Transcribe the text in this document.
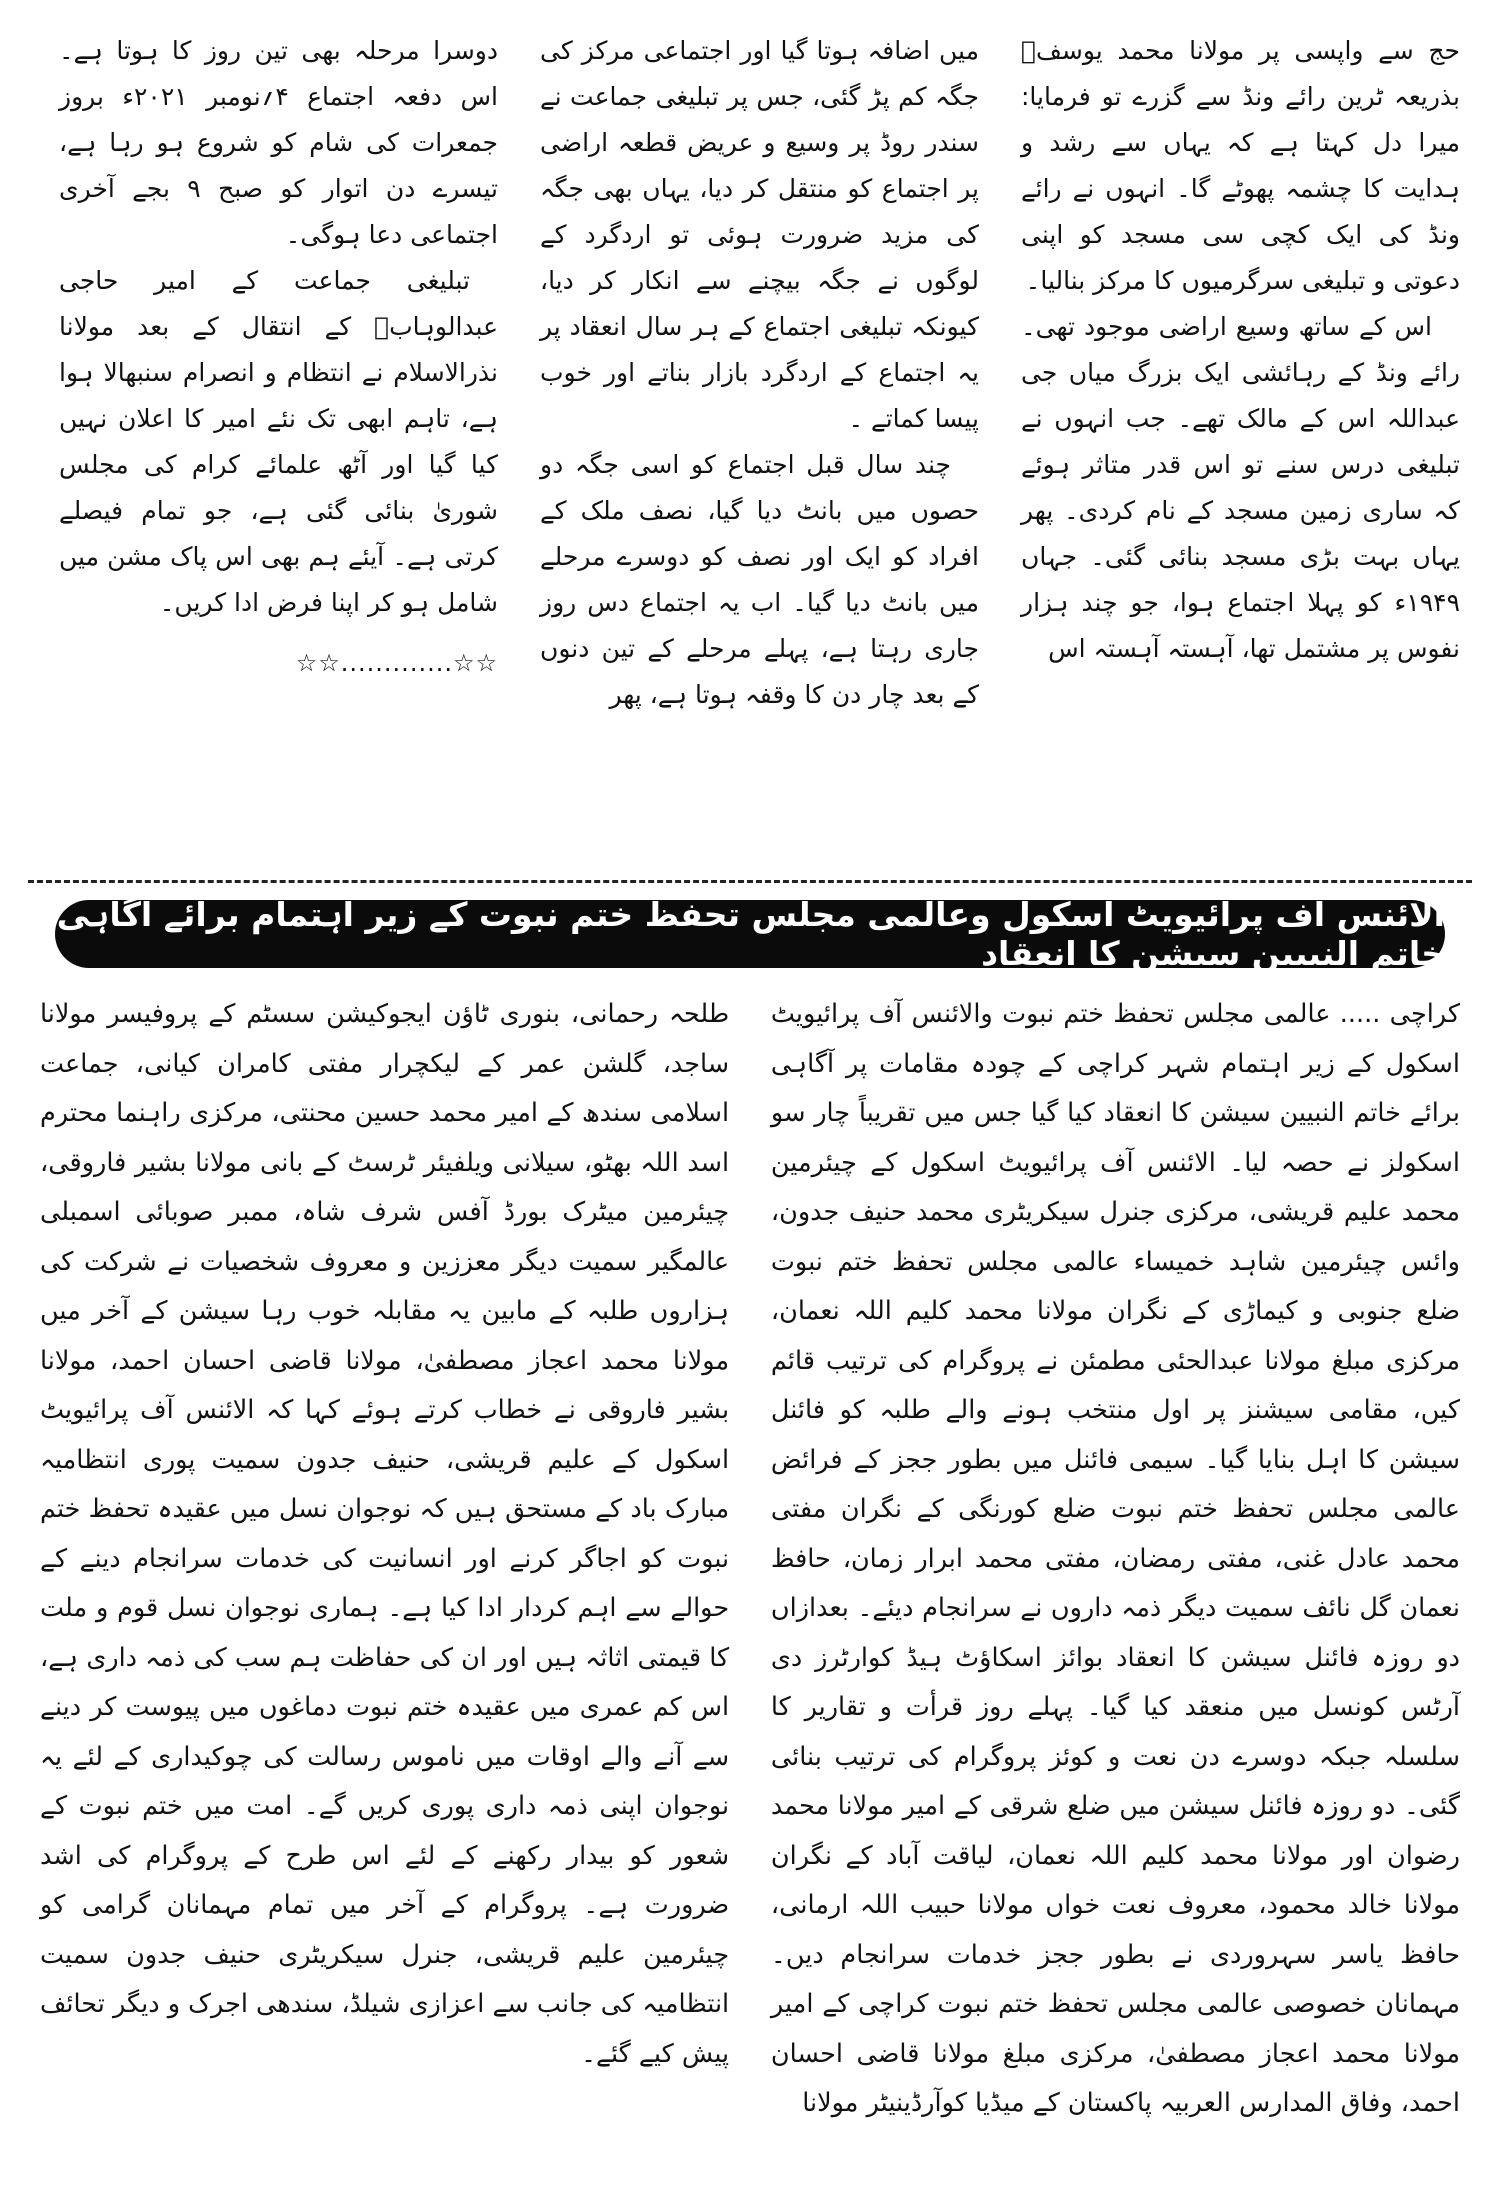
حج سے واپسی پر مولانا محمد یوسفؒ بذریعہ ٹرین رائے ونڈ سے گزرے تو فرمایا: میرا دل کہتا ہے کہ یہاں سے رشد و ہدایت کا چشمہ پھوٹے گا۔ انہوں نے رائے ونڈ کی ایک کچی سی مسجد کو اپنی دعوتی و تبلیغی سرگرمیوں کا مرکز بنالیا۔

اس کے ساتھ وسیع اراضی موجود تھی۔ رائے ونڈ کے رہائشی ایک بزرگ میاں جی عبداللہ اس کے مالک تھے۔ جب انہوں نے تبلیغی درس سنے تو اس قدر متاثر ہوئے کہ ساری زمین مسجد کے نام کردی۔ پھر یہاں بہت بڑی مسجد بنائی گئی۔ جہاں ۱۹۴۹ء کو پہلا اجتماع ہوا، جو چند ہزار نفوس پر مشتمل تھا، آہستہ آہستہ اس

میں اضافہ ہوتا گیا اور اجتماعی مرکز کی جگہ کم پڑ گئی، جس پر تبلیغی جماعت نے سندر روڈ پر وسیع و عریض قطعہ اراضی پر اجتماع کو منتقل کر دیا، یہاں بھی جگہ کی مزید ضرورت ہوئی تو اردگرد کے لوگوں نے جگہ بیچنے سے انکار کر دیا، کیونکہ تبلیغی اجتماع کے ہر سال انعقاد پر یہ اجتماع کے اردگرد بازار بناتے اور خوب پیسا کماتے ۔

چند سال قبل اجتماع کو اسی جگہ دو حصوں میں بانٹ دیا گیا، نصف ملک کے افراد کو ایک اور نصف کو دوسرے مرحلے میں بانٹ دیا گیا۔ اب یہ اجتماع دس روز جاری رہتا ہے، پہلے مرحلے کے تین دنوں کے بعد چار دن کا وقفہ ہوتا ہے، پھر

دوسرا مرحلہ بھی تین روز کا ہوتا ہے۔ اس دفعہ اجتماع ۴؍نومبر ۲۰۲۱ء بروز جمعرات کی شام کو شروع ہو رہا ہے، تیسرے دن اتوار کو صبح ۹ بجے آخری اجتماعی دعا ہوگی۔

تبلیغی جماعت کے امیر حاجی عبدالوہابؒ کے انتقال کے بعد مولانا نذرالاسلام نے انتظام و انصرام سنبھالا ہوا ہے، تاہم ابھی تک نئے امیر کا اعلان نہیں کیا گیا اور آٹھ علمائے کرام کی مجلس شوریٰ بنائی گئی ہے، جو تمام فیصلے کرتی ہے۔ آیئے ہم بھی اس پاک مشن میں شامل ہو کر اپنا فرض ادا کریں۔

☆☆.............☆☆
الائنس آف پرائیویٹ اسکول وعالمی مجلس تحفظ ختم نبوت کے زیر اہتمام برائے آگاہی خاتم النبیین سیشن کا انعقاد

کراچی ..... عالمی مجلس تحفظ ختم نبوت والائنس آف پرائیویٹ اسکول کے زیر اہتمام شہر کراچی کے چودہ مقامات پر آگاہی برائے خاتم النبیین سیشن کا انعقاد کیا گیا جس میں تقریباً چار سو اسکولز نے حصہ لیا۔ الائنس آف پرائیویٹ اسکول کے چیئرمین محمد علیم قریشی، مرکزی جنرل سیکریٹری محمد حنیف جدون، وائس چیئرمین شاہد خمیساء عالمی مجلس تحفظ ختم نبوت ضلع جنوبی و کیماڑی کے نگران مولانا محمد کلیم اللہ نعمان، مرکزی مبلغ مولانا عبدالحئی مطمئن نے پروگرام کی ترتیب قائم کیں، مقامی سیشنز پر اول منتخب ہونے والے طلبہ کو فائنل سیشن کا اہل بنایا گیا۔ سیمی فائنل میں بطور ججز کے فرائض عالمی مجلس تحفظ ختم نبوت ضلع کورنگی کے نگران مفتی محمد عادل غنی، مفتی رمضان، مفتی محمد ابرار زمان، حافظ نعمان گل نائف سمیت دیگر ذمہ داروں نے سرانجام دیئے۔ بعدازاں دو روزہ فائنل سیشن کا انعقاد بوائز اسکاؤٹ ہیڈ کوارٹرز دی آرٹس کونسل میں منعقد کیا گیا۔ پہلے روز قرأت و تقاریر کا سلسلہ جبکہ دوسرے دن نعت و کوئز پروگرام کی ترتیب بنائی گئی۔ دو روزہ فائنل سیشن میں ضلع شرقی کے امیر مولانا محمد رضوان اور مولانا محمد کلیم اللہ نعمان، لیاقت آباد کے نگران مولانا خالد محمود، معروف نعت خواں مولانا حبیب اللہ ارمانی، حافظ یاسر سہروردی نے بطور ججز خدمات سرانجام دیں۔ مہمانان خصوصی عالمی مجلس تحفظ ختم نبوت کراچی کے امیر مولانا محمد اعجاز مصطفیٰ، مرکزی مبلغ مولانا قاضی احسان احمد، وفاق المدارس العربیہ پاکستان کے میڈیا کوآرڈینیٹر مولانا

طلحہ رحمانی، بنوری ٹاؤن ایجوکیشن سسٹم کے پروفیسر مولانا ساجد، گلشن عمر کے لیکچرار مفتی کامران کیانی، جماعت اسلامی سندھ کے امیر محمد حسین محنتی، مرکزی راہنما محترم اسد اللہ بھٹو، سیلانی ویلفیئر ٹرسٹ کے بانی مولانا بشیر فاروقی، چیئرمین میٹرک بورڈ آفس شرف شاہ، ممبر صوبائی اسمبلی عالمگیر سمیت دیگر معززین و معروف شخصیات نے شرکت کی ہزاروں طلبہ کے مابین یہ مقابلہ خوب رہا سیشن کے آخر میں مولانا محمد اعجاز مصطفیٰ، مولانا قاضی احسان احمد، مولانا بشیر فاروقی نے خطاب کرتے ہوئے کہا کہ الائنس آف پرائیویٹ اسکول کے علیم قریشی، حنیف جدون سمیت پوری انتظامیہ مبارک باد کے مستحق ہیں کہ نوجوان نسل میں عقیدہ تحفظ ختم نبوت کو اجاگر کرنے اور انسانیت کی خدمات سرانجام دینے کے حوالے سے اہم کردار ادا کیا ہے۔ ہماری نوجوان نسل قوم و ملت کا قیمتی اثاثہ ہیں اور ان کی حفاظت ہم سب کی ذمہ داری ہے، اس کم عمری میں عقیدہ ختم نبوت دماغوں میں پیوست کر دینے سے آنے والے اوقات میں ناموس رسالت کی چوکیداری کے لئے یہ نوجوان اپنی ذمہ داری پوری کریں گے۔ امت میں ختم نبوت کے شعور کو بیدار رکھنے کے لئے اس طرح کے پروگرام کی اشد ضرورت ہے۔ پروگرام کے آخر میں تمام مہمانان گرامی کو چیئرمین علیم قریشی، جنرل سیکریٹری حنیف جدون سمیت انتظامیہ کی جانب سے اعزازی شیلڈ، سندھی اجرک و دیگر تحائف پیش کیے گئے۔
